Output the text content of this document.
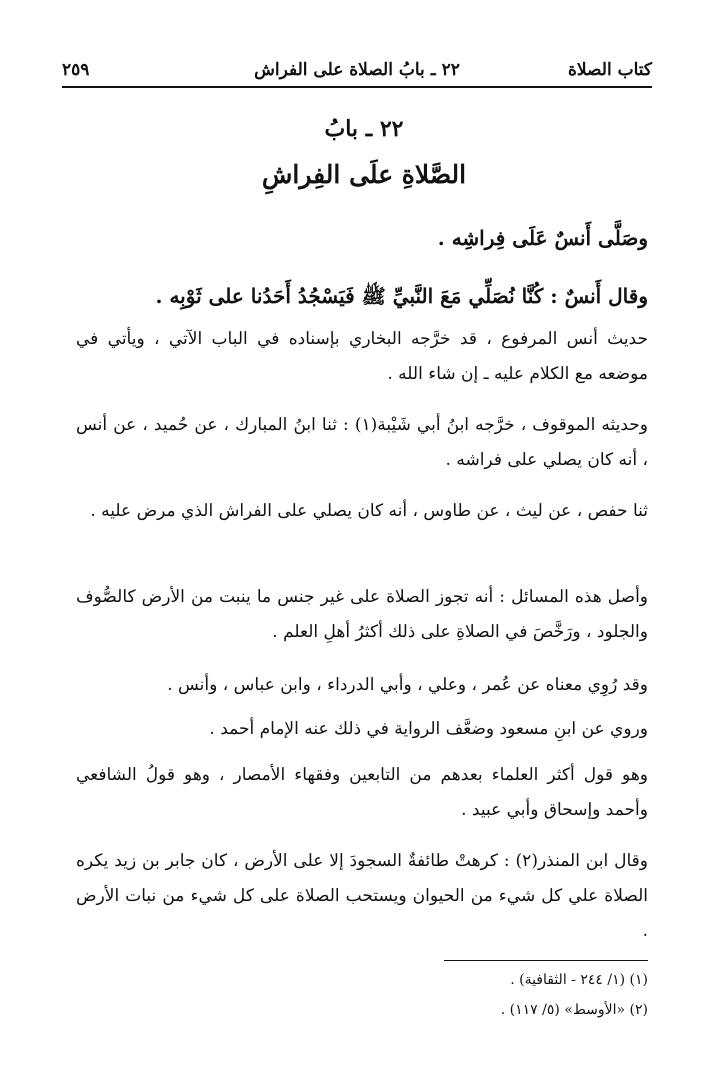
كتاب الصلاة
٢٢ ـ بابُ الصلاة على الفراش
٢٥٩
٢٢ ـ بابُ
الصَّلاةِ علَى الفِراشِ
وصَلَّى أَنسٌ عَلَى فِراشِه .
وقال أَنسٌ : كُنَّا نُصَلِّي مَعَ النَّبيِّ ﷺ فَيَسْجُدُ أَحَدُنا على ثَوْبِه .
حديث أنس المرفوع ، قد خرَّجه البخاري بإسناده في الباب الآتي ، ويأتي في موضعه مع الكلام عليه ـ إن شاء الله .
وحديثه الموقوف ، خرَّجه ابنُ أبي شَيْبة(١) : ثنا ابنُ المبارك ، عن حُميد ، عن أنس ، أنه كان يصلي على فراشه .
ثنا حفص ، عن ليث ، عن طاوس ، أنه كان يصلي على الفراش الذي مرض عليه .
وأصل هذه المسائل : أنه تجوز الصلاة على غير جنس ما ينبت من الأرض كالصُّوف والجلود ، ورَخَّصَ في الصلاةِ على ذلك أكثرُ أهلِ العلم .
وقد رُوِي معناه عن عُمر ، وعلي ، وأبي الدرداء ، وابن عباس ، وأنس .
وروي عن ابنِ مسعود وضعَّف الرواية في ذلك عنه الإمام أحمد .
وهو قول أكثر العلماء بعدهم من التابعين وفقهاء الأمصار ، وهو قولُ الشافعي وأحمد وإسحاق وأبي عبيد .
وقال ابن المنذر(٢) : كرهتْ طائفةٌ السجودَ إلا على الأرض ، كان جابر بن زيد يكره الصلاة علي كل شيء من الحيوان ويستحب الصلاة على كل شيء من نبات الأرض .
(١) (١/ ٢٤٤ - الثقافية) .
(٢) «الأوسط» (٥/ ١١٧) .
